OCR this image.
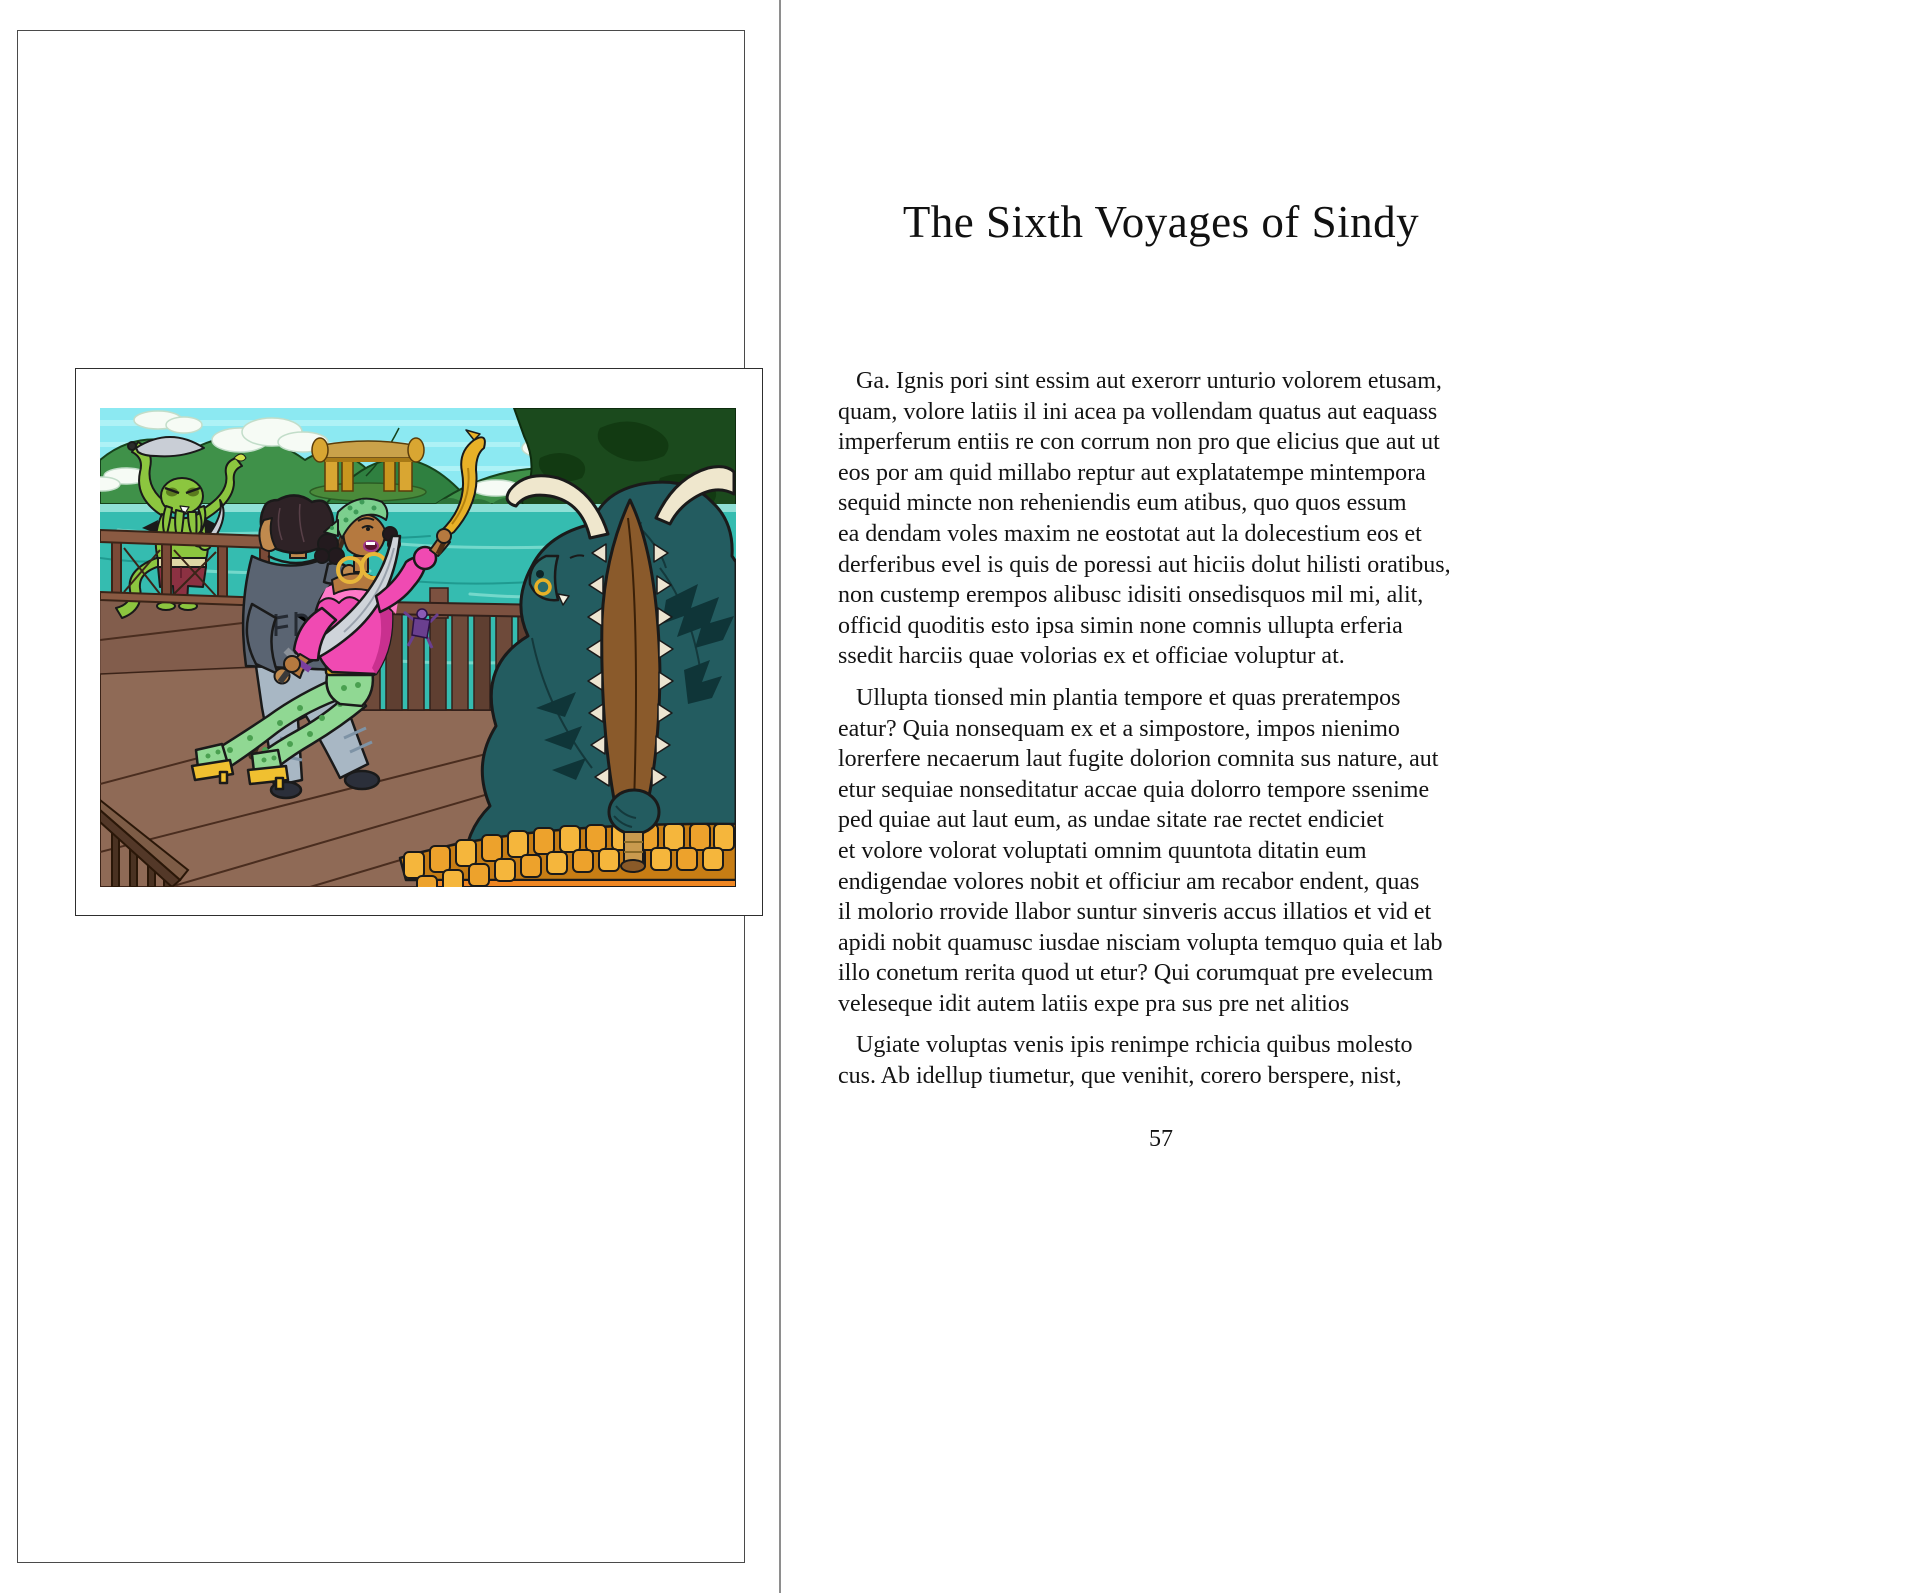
The Sixth Voyages of Sindy

Ga. Ignis pori sint essim aut exerorr unturio volorem etusam,
quam, volore latiis il ini acea pa vollendam quatus aut eaquass
imperferum entiis re con corrum non pro que elicius que aut ut
eos por am quid millabo reptur aut explatatempe mintempora
sequid mincte non reheniendis eum atibus, quo quos essum
ea dendam voles maxim ne eostotat aut la dolecestium eos et
derferibus evel is quis de poressi aut hiciis dolut hilisti oratibus,
non custemp erempos alibusc idisiti onsedisquos mil mi, alit,
officid quoditis esto ipsa simin none comnis ullupta erferia
ssedit harciis quae volorias ex et officiae voluptur at.

Ullupta tionsed min plantia tempore et quas preratempos
eatur? Quia nonsequam ex et a simpostore, impos nienimo
lorerfere necaerum laut fugite dolorion comnita sus nature, aut
etur sequiae nonseditatur accae quia dolorro tempore ssenime
ped quiae aut laut eum, as undae sitate rae rectet endiciet
et volore volorat voluptati omnim quuntota ditatin eum
endigendae volores nobit et officiur am recabor endent, quas
il molorio rrovide llabor suntur sinveris accus illatios et vid et
apidi nobit quamusc iusdae nisciam volupta temquo quia et lab
illo conetum rerita quod ut etur? Qui corumquat pre evelecum
veleseque idit autem latiis expe pra sus pre net alitios

Ugiate voluptas venis ipis renimpe rchicia quibus molesto
cus. Ab idellup tiumetur, que venihit, corero berspere, nist,

57
